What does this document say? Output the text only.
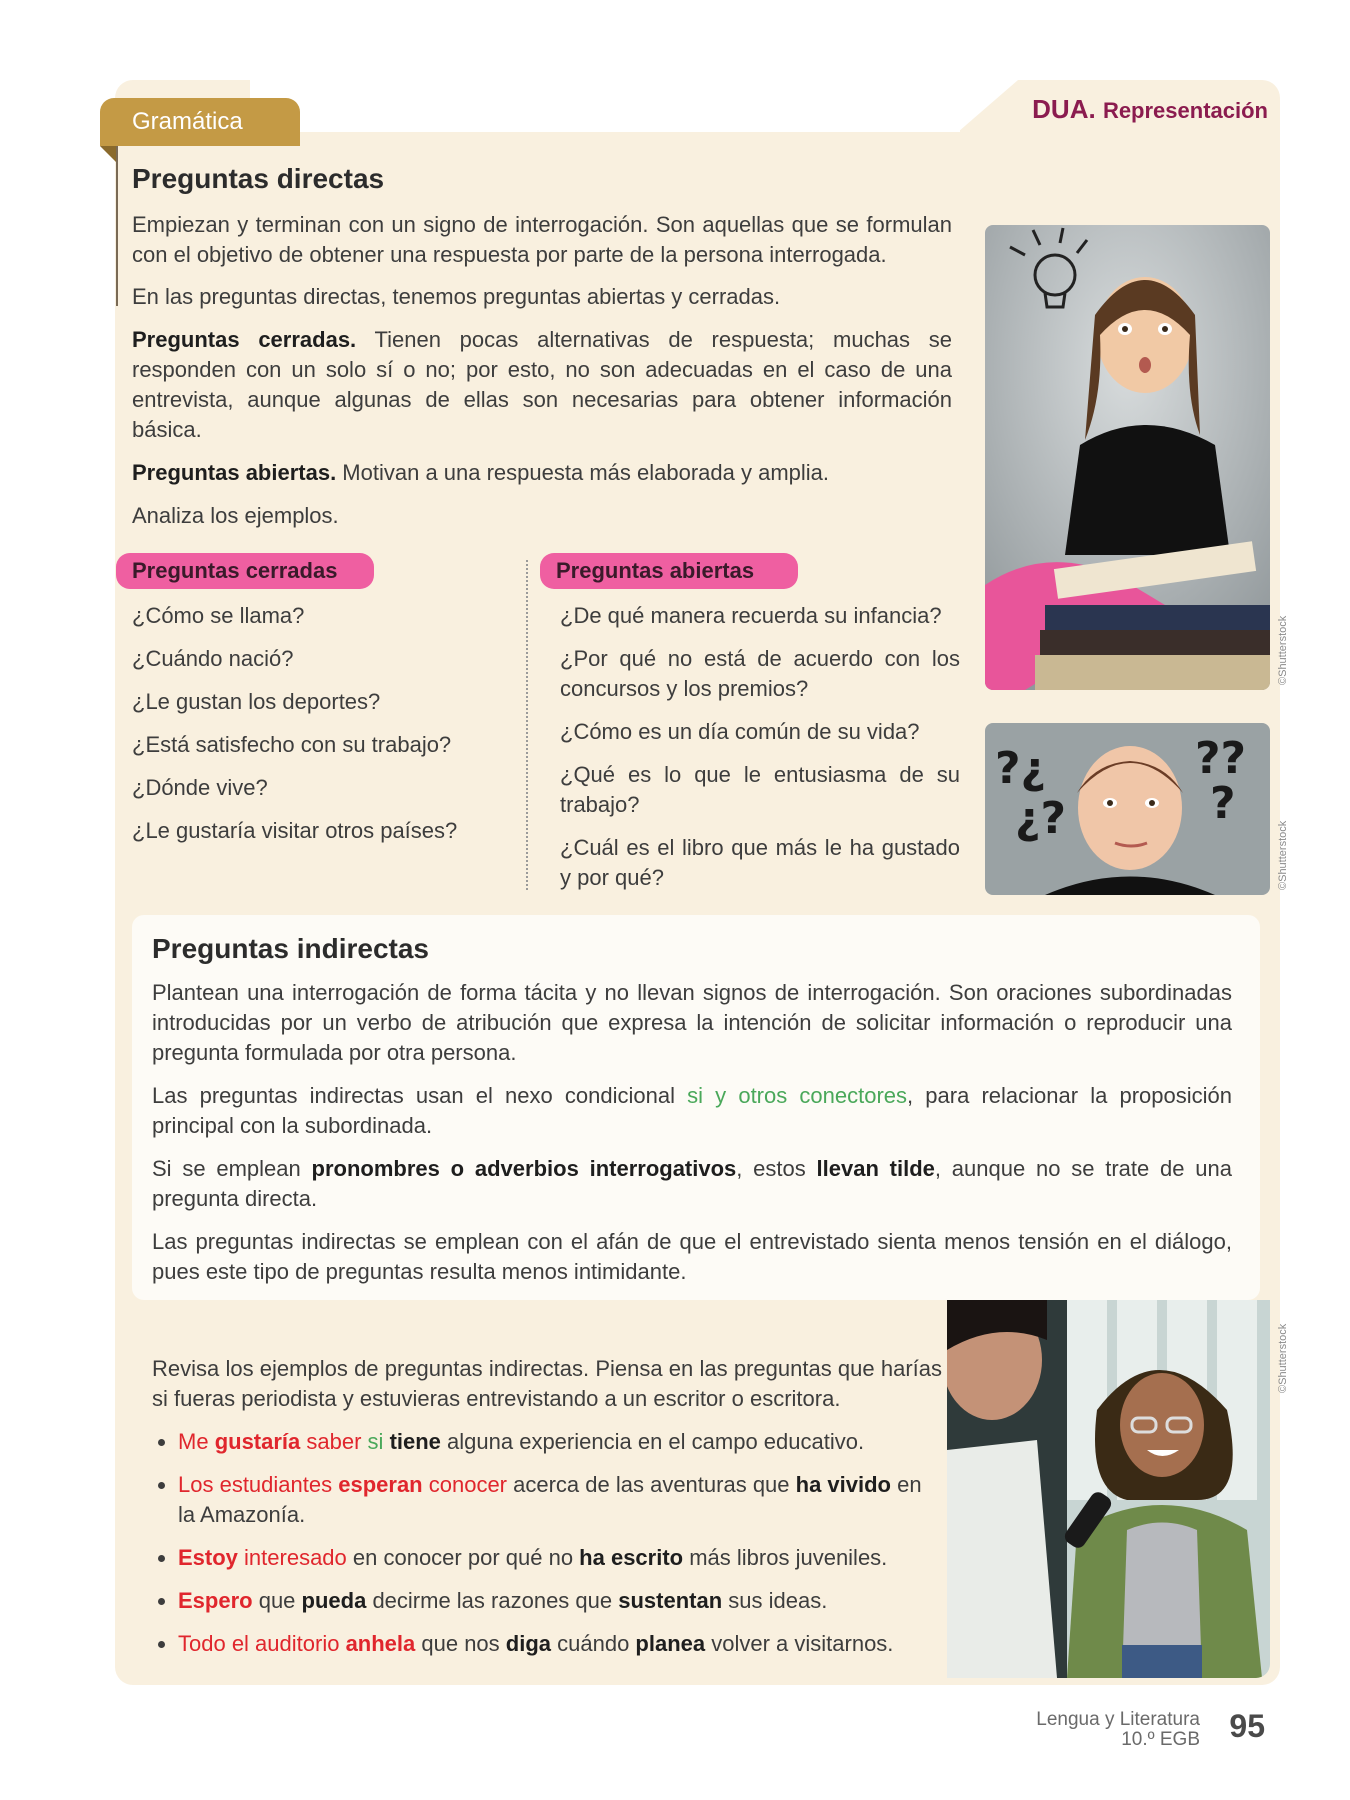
Gramática	DUA. Representación
Preguntas directas

Empiezan y terminan con un signo de interrogación. Son aquellas que se formulan con el objetivo de obtener una respuesta por parte de la persona interrogada.

En las preguntas directas, tenemos preguntas abiertas y cerradas.

Preguntas cerradas. Tienen pocas alternativas de respuesta; muchas se responden con un solo sí o no; por esto, no son adecuadas en el caso de una entrevista, aunque algunas de ellas son necesarias para obtener información básica.

Preguntas abiertas. Motivan a una respuesta más elaborada y amplia.

Analiza los ejemplos.

Preguntas cerradas
¿Cómo se llama?
¿Cuándo nació?
¿Le gustan los deportes?
¿Está satisfecho con su trabajo?
¿Dónde vive?
¿Le gustaría visitar otros países?
Preguntas abiertas
¿De qué manera recuerda su infancia?
¿Por qué no está de acuerdo con los concursos y los premios?
¿Cómo es un día común de su vida?
¿Qué es lo que le entusiasma de su trabajo?
¿Cuál es el libro que más le ha gustado y por qué?
©Shutterstock
?¿
¿?
??
?
©Shutterstock
Preguntas indirectas

Plantean una interrogación de forma tácita y no llevan signos de interrogación. Son oraciones subordinadas introducidas por un verbo de atribución que expresa la intención de solicitar información o reproducir una pregunta formulada por otra persona.

Las preguntas indirectas usan el nexo condicional si y otros conectores, para relacionar la proposición principal con la subordinada.

Si se emplean pronombres o adverbios interrogativos, estos llevan tilde, aunque no se trate de una pregunta directa.

Las preguntas indirectas se emplean con el afán de que el entrevistado sienta menos tensión en el diálogo, pues este tipo de preguntas resulta menos intimidante.

©Shutterstock

Revisa los ejemplos de preguntas indirectas. Piensa en las preguntas que harías si fueras periodista y estuvieras entrevistando a un escritor o escritora.

• Me gustaría saber si tiene alguna experiencia en el campo educativo.
• Los estudiantes esperan conocer acerca de las aventuras que ha vivido en la Amazonía.
• Estoy interesado en conocer por qué no ha escrito más libros juveniles.
• Espero que pueda decirme las razones que sustentan sus ideas.
• Todo el auditorio anhela que nos diga cuándo planea volver a visitarnos.
Lengua y Literatura
10.º EGB 95
